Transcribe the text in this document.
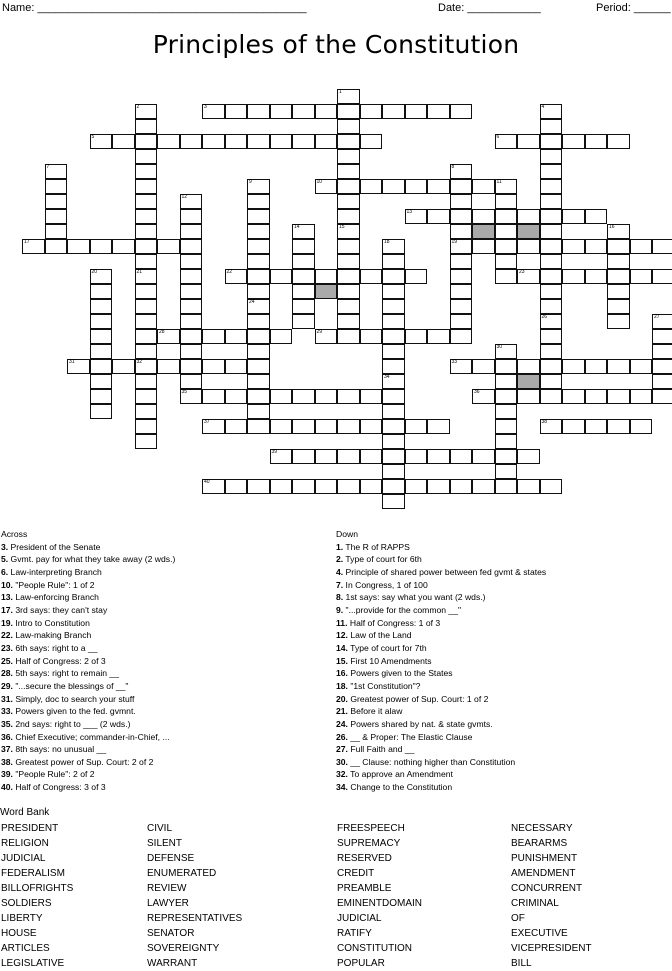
Name: ____________________________________________	Date: ____________	Period: ______
Principles of the Constitution
3
5	6
10	11
13
17	19
22	23
28	29
31	32	33
35	36
37	38
39
40
1
15
2	4
26
7	8
9
24
12
14	16
18
34
20	21
27
30
Across
3. President of the Senate
5. Gvmt. pay for what they take away (2 wds.)
6. Law-interpreting Branch
10. "People Rule": 1 of 2
13. Law-enforcing Branch
17. 3rd says: they can't stay
19. Intro to Constitution
22. Law-making Branch
23. 6th says: right to a __
25. Half of Congress: 2 of 3
28. 5th says: right to remain __
29. "...secure the blessings of __"
31. Simply, doc to search your stuff
33. Powers given to the fed. gvmnt.
35. 2nd says: right to ___ (2 wds.)
36. Chief Executive; commander-in-Chief, ...
37. 8th says: no unusual __
38. Greatest power of Sup. Court: 2 of 2
39. "People Rule": 2 of 2
40. Half of Congress: 3 of 3
Down
1. The R of RAPPS
2. Type of court for 6th
4. Principle of shared power between fed gvmt & states
7. In Congress, 1 of 100
8. 1st says: say what you want (2 wds.)
9. "...provide for the common __"
11. Half of Congress: 1 of 3
12. Law of the Land
14. Type of court for 7th
15. First 10 Amendments
16. Powers given to the States
18. "1st Constitution"?
20. Greatest power of Sup. Court: 1 of 2
21. Before it alaw
24. Powers shared by nat. & state gvmts.
26. __ & Proper: The Elastic Clause
27. Full Faith and __
30. __ Clause: nothing higher than Constitution
32. To approve an Amendment
34. Change to the Constitution
Word Bank
PRESIDENT
RELIGION
JUDICIAL
FEDERALISM
BILLOFRIGHTS
SOLDIERS
LIBERTY
HOUSE
ARTICLES
LEGISLATIVE
CIVIL
SILENT
DEFENSE
ENUMERATED
REVIEW
LAWYER
REPRESENTATIVES
SENATOR
SOVEREIGNTY
WARRANT
FREESPEECH
SUPREMACY
RESERVED
CREDIT
PREAMBLE
EMINENTDOMAIN
JUDICIAL
RATIFY
CONSTITUTION
POPULAR
NECESSARY
BEARARMS
PUNISHMENT
AMENDMENT
CONCURRENT
CRIMINAL
OF
EXECUTIVE
VICEPRESIDENT
BILL
